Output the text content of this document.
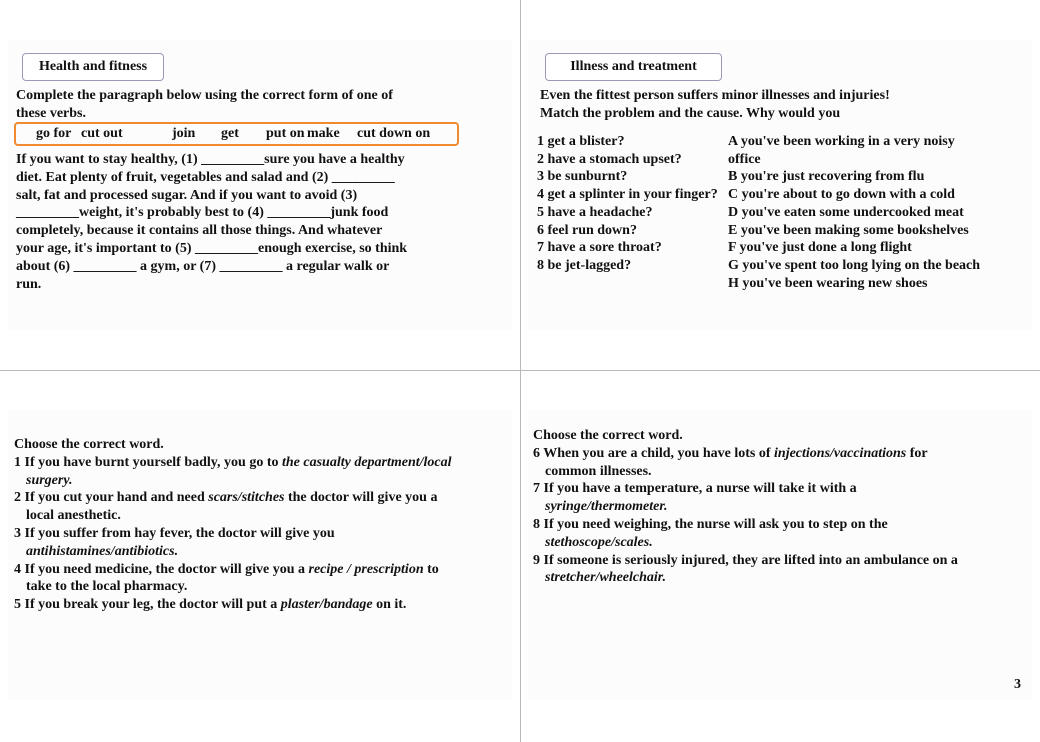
Health and fitness
Complete the paragraph below using the correct form of one of
these verbs.
go for cut out	join get put on make cut down on
If you want to stay healthy, (1) _________sure you have a healthy
diet. Eat plenty of fruit, vegetables and salad and (2) _________
salt, fat and processed sugar. And if you want to avoid (3)
_________weight, it's probably best to (4) _________junk food
completely, because it contains all those things. And whatever
your age, it's important to (5) _________enough exercise, so think
about (6) _________ a gym, or (7) _________ a regular walk or
run.
Illness and treatment
Even the fittest person suffers minor illnesses and injuries!
Match the problem and the cause. Why would you
1 get a blister?
2 have a stomach upset?
3 be sunburnt?
4 get a splinter in your finger?
5 have a headache?
6 feel run down?
7 have a sore throat?
8 be jet-lagged?
A you've been working in a very noisy
office
B you're just recovering from flu
C you're about to go down with a cold
D you've eaten some undercooked meat
E you've been making some bookshelves
F you've just done a long flight
G you've spent too long lying on the beach
H you've been wearing new shoes
Choose the correct word.
1 If you have burnt yourself badly, you go to the casualty department/local
surgery.
2 If you cut your hand and need scars/stitches the doctor will give you a
local anesthetic.
3 If you suffer from hay fever, the doctor will give you
antihistamines/antibiotics.
4 If you need medicine, the doctor will give you a recipe / prescription to
take to the local pharmacy.
5 If you break your leg, the doctor will put a plaster/bandage on it.
Choose the correct word.
6 When you are a child, you have lots of injections/vaccinations for
common illnesses.
7 If you have a temperature, a nurse will take it with a
syringe/thermometer.
8 If you need weighing, the nurse will ask you to step on the
stethoscope/scales.
9 If someone is seriously injured, they are lifted into an ambulance on a
stretcher/wheelchair.
3
